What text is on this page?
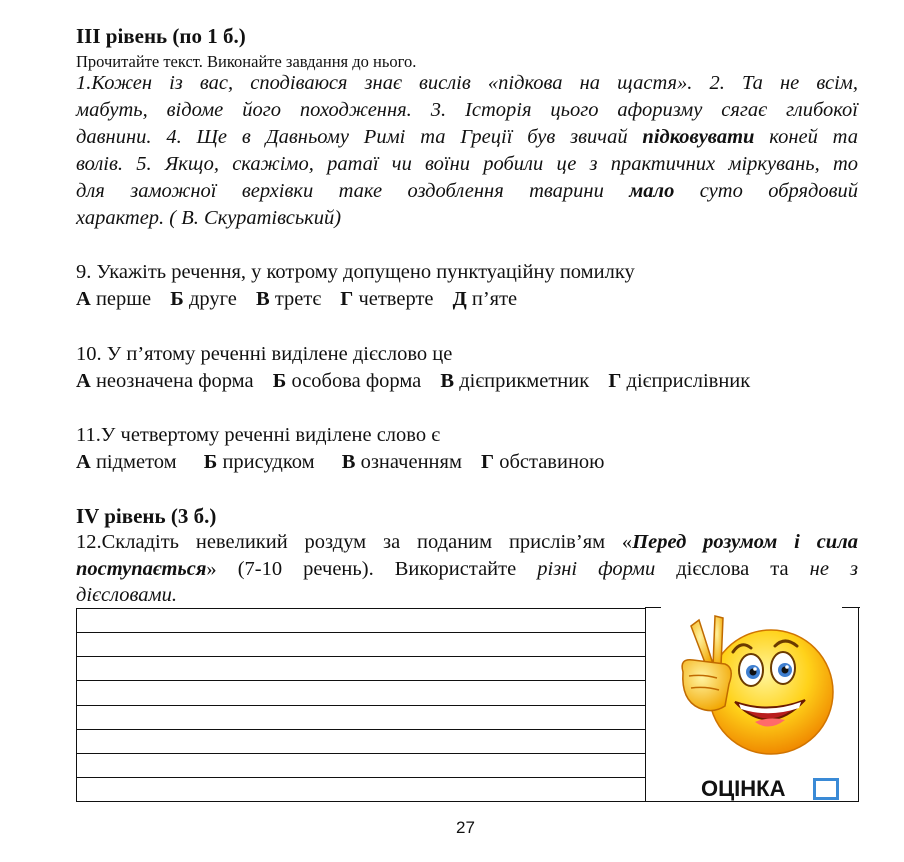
III рівень (по 1 б.)
Прочитайте текст. Виконайте завдання до нього.
1.Кожен із вас, сподіваюся знає вислів «підкова на щастя». 2. Та не всім,
мабуть, відоме його походження. 3. Історія цього афоризму сягає глибокої
давнини. 4. Ще в Давньому Римі та Греції був звичай підковувати коней та
волів. 5. Якщо, скажімо, ратаї чи воїни робили це з практичних міркувань, то
для заможної верхівки таке оздоблення тварини мало суто обрядовий
характер. ( В. Скуратівський)
9. Укажіть речення, у котрому допущено пунктуаційну помилку
А перше Б друге В третє Г четверте Д п’яте
10. У п’ятому реченні виділене дієслово це
А неозначена форма Б особова форма В дієприкметник Г дієприслівник
11.У четвертому реченні виділене слово є
А підметом Б присудком В означенням Г обставиною
IV рівень (3 б.)
12.Складіть невеликий роздум за поданим прислів’ям «Перед розумом і сила
поступається» (7-10 речень). Використайте різні форми дієслова та не з
дієсловами.
ОЦІНКА
27
